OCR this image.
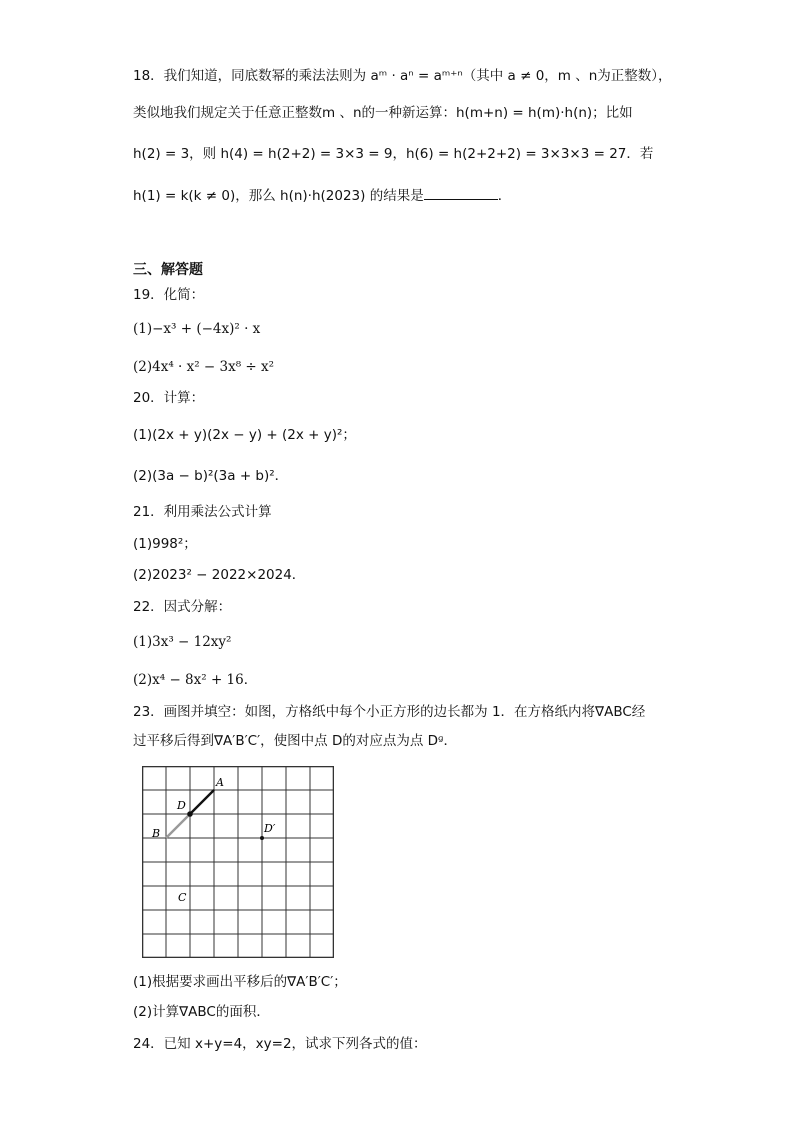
18．我们知道，同底数幂的乘法法则为 aᵐ · aⁿ = aᵐ⁺ⁿ（其中 a ≠ 0，m 、n为正整数），
类似地我们规定关于任意正整数m 、n的一种新运算：h(m+n) = h(m)·h(n)；比如
h(2) = 3，则 h(4) = h(2+2) = 3×3 = 9，h(6) = h(2+2+2) = 3×3×3 = 27．若
h(1) = k(k ≠ 0)，那么 h(n)·h(2023) 的结果是	．
三、解答题
19．化简：
(1)−x³ + (−4x)² · x
(2)4x⁴ · x² − 3x⁸ ÷ x²
20．计算：
(1)(2x + y)(2x − y) + (2x + y)²；
(2)(3a − b)²(3a + b)²．
21．利用乘法公式计算
(1)998²；
(2)2023² − 2022×2024．
22．因式分解：
(1)3x³ − 12xy²
(2)x⁴ − 8x² + 16．
23．画图并填空：如图，方格纸中每个小正方形的边长都为 1．在方格纸内将∇ABC经
过平移后得到∇A′B′C′，使图中点 D的对应点为点 Dᶢ．
A
D
B	D′
C
(1)根据要求画出平移后的∇A′B′C′；
(2)计算∇ABC的面积．
24．已知 x+y=4，xy=2，试求下列各式的值：
